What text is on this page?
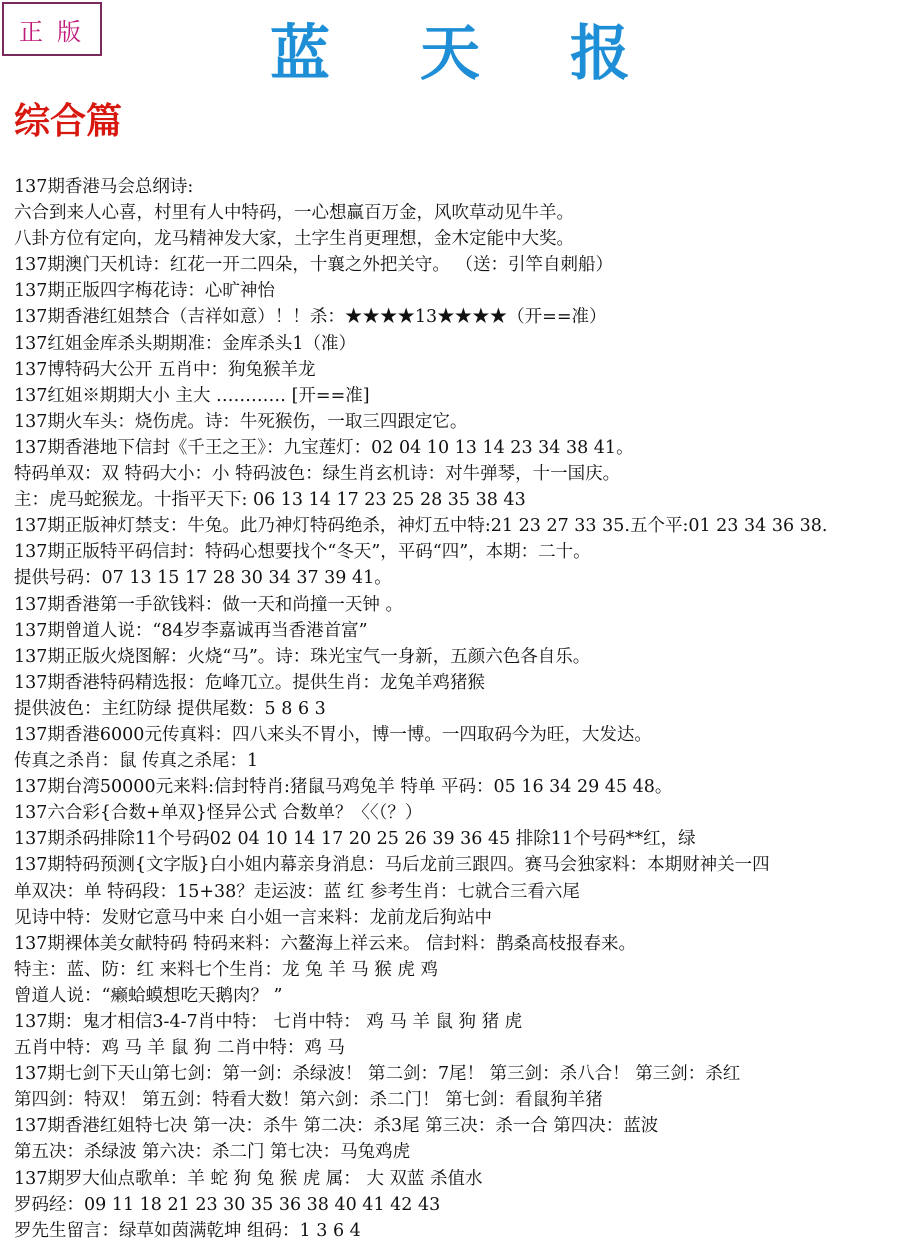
正版	蓝天报
综合篇
137期香港马会总纲诗:
六合到来人心喜，村里有人中特码，一心想赢百万金，风吹草动见牛羊。
八卦方位有定向，龙马精神发大家，土字生肖更理想，金木定能中大奖。
137期澳门天机诗：红花一开二四朵，十襄之外把关守。 （送：引竿自刺船）
137期正版四字梅花诗：心旷神怡
137期香港红姐禁合（吉祥如意）！！杀：★★★★13★★★★（开==准）
137红姐金库杀头期期准：金库杀头1（准）
137博特码大公开 五肖中：狗兔猴羊龙
137红姐※期期大小 主大 ………… [开==准]
137期火车头：烧伤虎。诗：牛死猴伤，一取三四跟定它。
137期香港地下信封《千王之王》：九宝莲灯：02 04 10 13 14 23 34 38 41。
特码单双：双 特码大小：小 特码波色：绿生肖玄机诗：对牛弹琴，十一国庆。
主：虎马蛇猴龙。十指平天下: 06 13 14 17 23 25 28 35 38 43
137期正版神灯禁支：牛兔。此乃神灯特码绝杀，神灯五中特:21 23 27 33 35.五个平:01 23 34 36 38.
137期正版特平码信封：特码心想要找个“冬天”，平码“四”，本期：二十。
提供号码：07 13 15 17 28 30 34 37 39 41。
137期香港第一手欲钱料：做一天和尚撞一天钟 。
137期曾道人说：“84岁李嘉诚再当香港首富”
137期正版火烧图解：火烧“马”。诗：珠光宝气一身新，五颜六色各自乐。
137期香港特码精选报：危峰兀立。提供生肖：龙兔羊鸡猪猴
提供波色：主红防绿 提供尾数：5 8 6 3
137期香港6000元传真料：四八来头不胃小，博一博。一四取码今为旺，大发达。
传真之杀肖：鼠 传真之杀尾：1
137期台湾50000元来料:信封特肖:猪鼠马鸡兔羊 特单 平码：05 16 34 29 45 48。
137六合彩{合数+单双}怪异公式 合数单？〈〈（？）
137期杀码排除11个号码02 04 10 14 17 20 25 26 39 36 45 排除11个号码**红，绿
137期特码预测{文字版}白小姐内幕亲身消息：马后龙前三跟四。赛马会独家料：本期财神关一四
单双决：单 特码段：15+38？走运波：蓝 红 参考生肖：七就合三看六尾
见诗中特：发财它意马中来 白小姐一言来料：龙前龙后狗站中
137期裸体美女献特码 特码来料：六鳌海上祥云来。 信封料：鹊桑高枝报春来。
特主：蓝、防：红 来料七个生肖：龙 兔 羊 马 猴 虎 鸡
曾道人说：“癞蛤蟆想吃天鹅肉？ ”
137期：鬼才相信3-4-7肖中特： 七肖中特： 鸡 马 羊 鼠 狗 猪 虎
五肖中特：鸡 马 羊 鼠 狗 二肖中特：鸡 马
137期七剑下天山第七剑：第一剑：杀绿波！ 第二剑：7尾！ 第三剑：杀八合！ 第三剑：杀红
第四剑：特双！ 第五剑：特看大数！第六剑：杀二门！ 第七剑：看鼠狗羊猪
137期香港红姐特七决 第一决：杀牛 第二决：杀3尾 第三决：杀一合 第四决：蓝波
第五决：杀绿波 第六决：杀二门 第七决：马兔鸡虎
137期罗大仙点歌单：羊 蛇 狗 兔 猴 虎 属： 大 双蓝 杀值水
罗码经：09 11 18 21 23 30 35 36 38 40 41 42 43
罗先生留言：绿草如茵满乾坤 组码：1 3 6 4
